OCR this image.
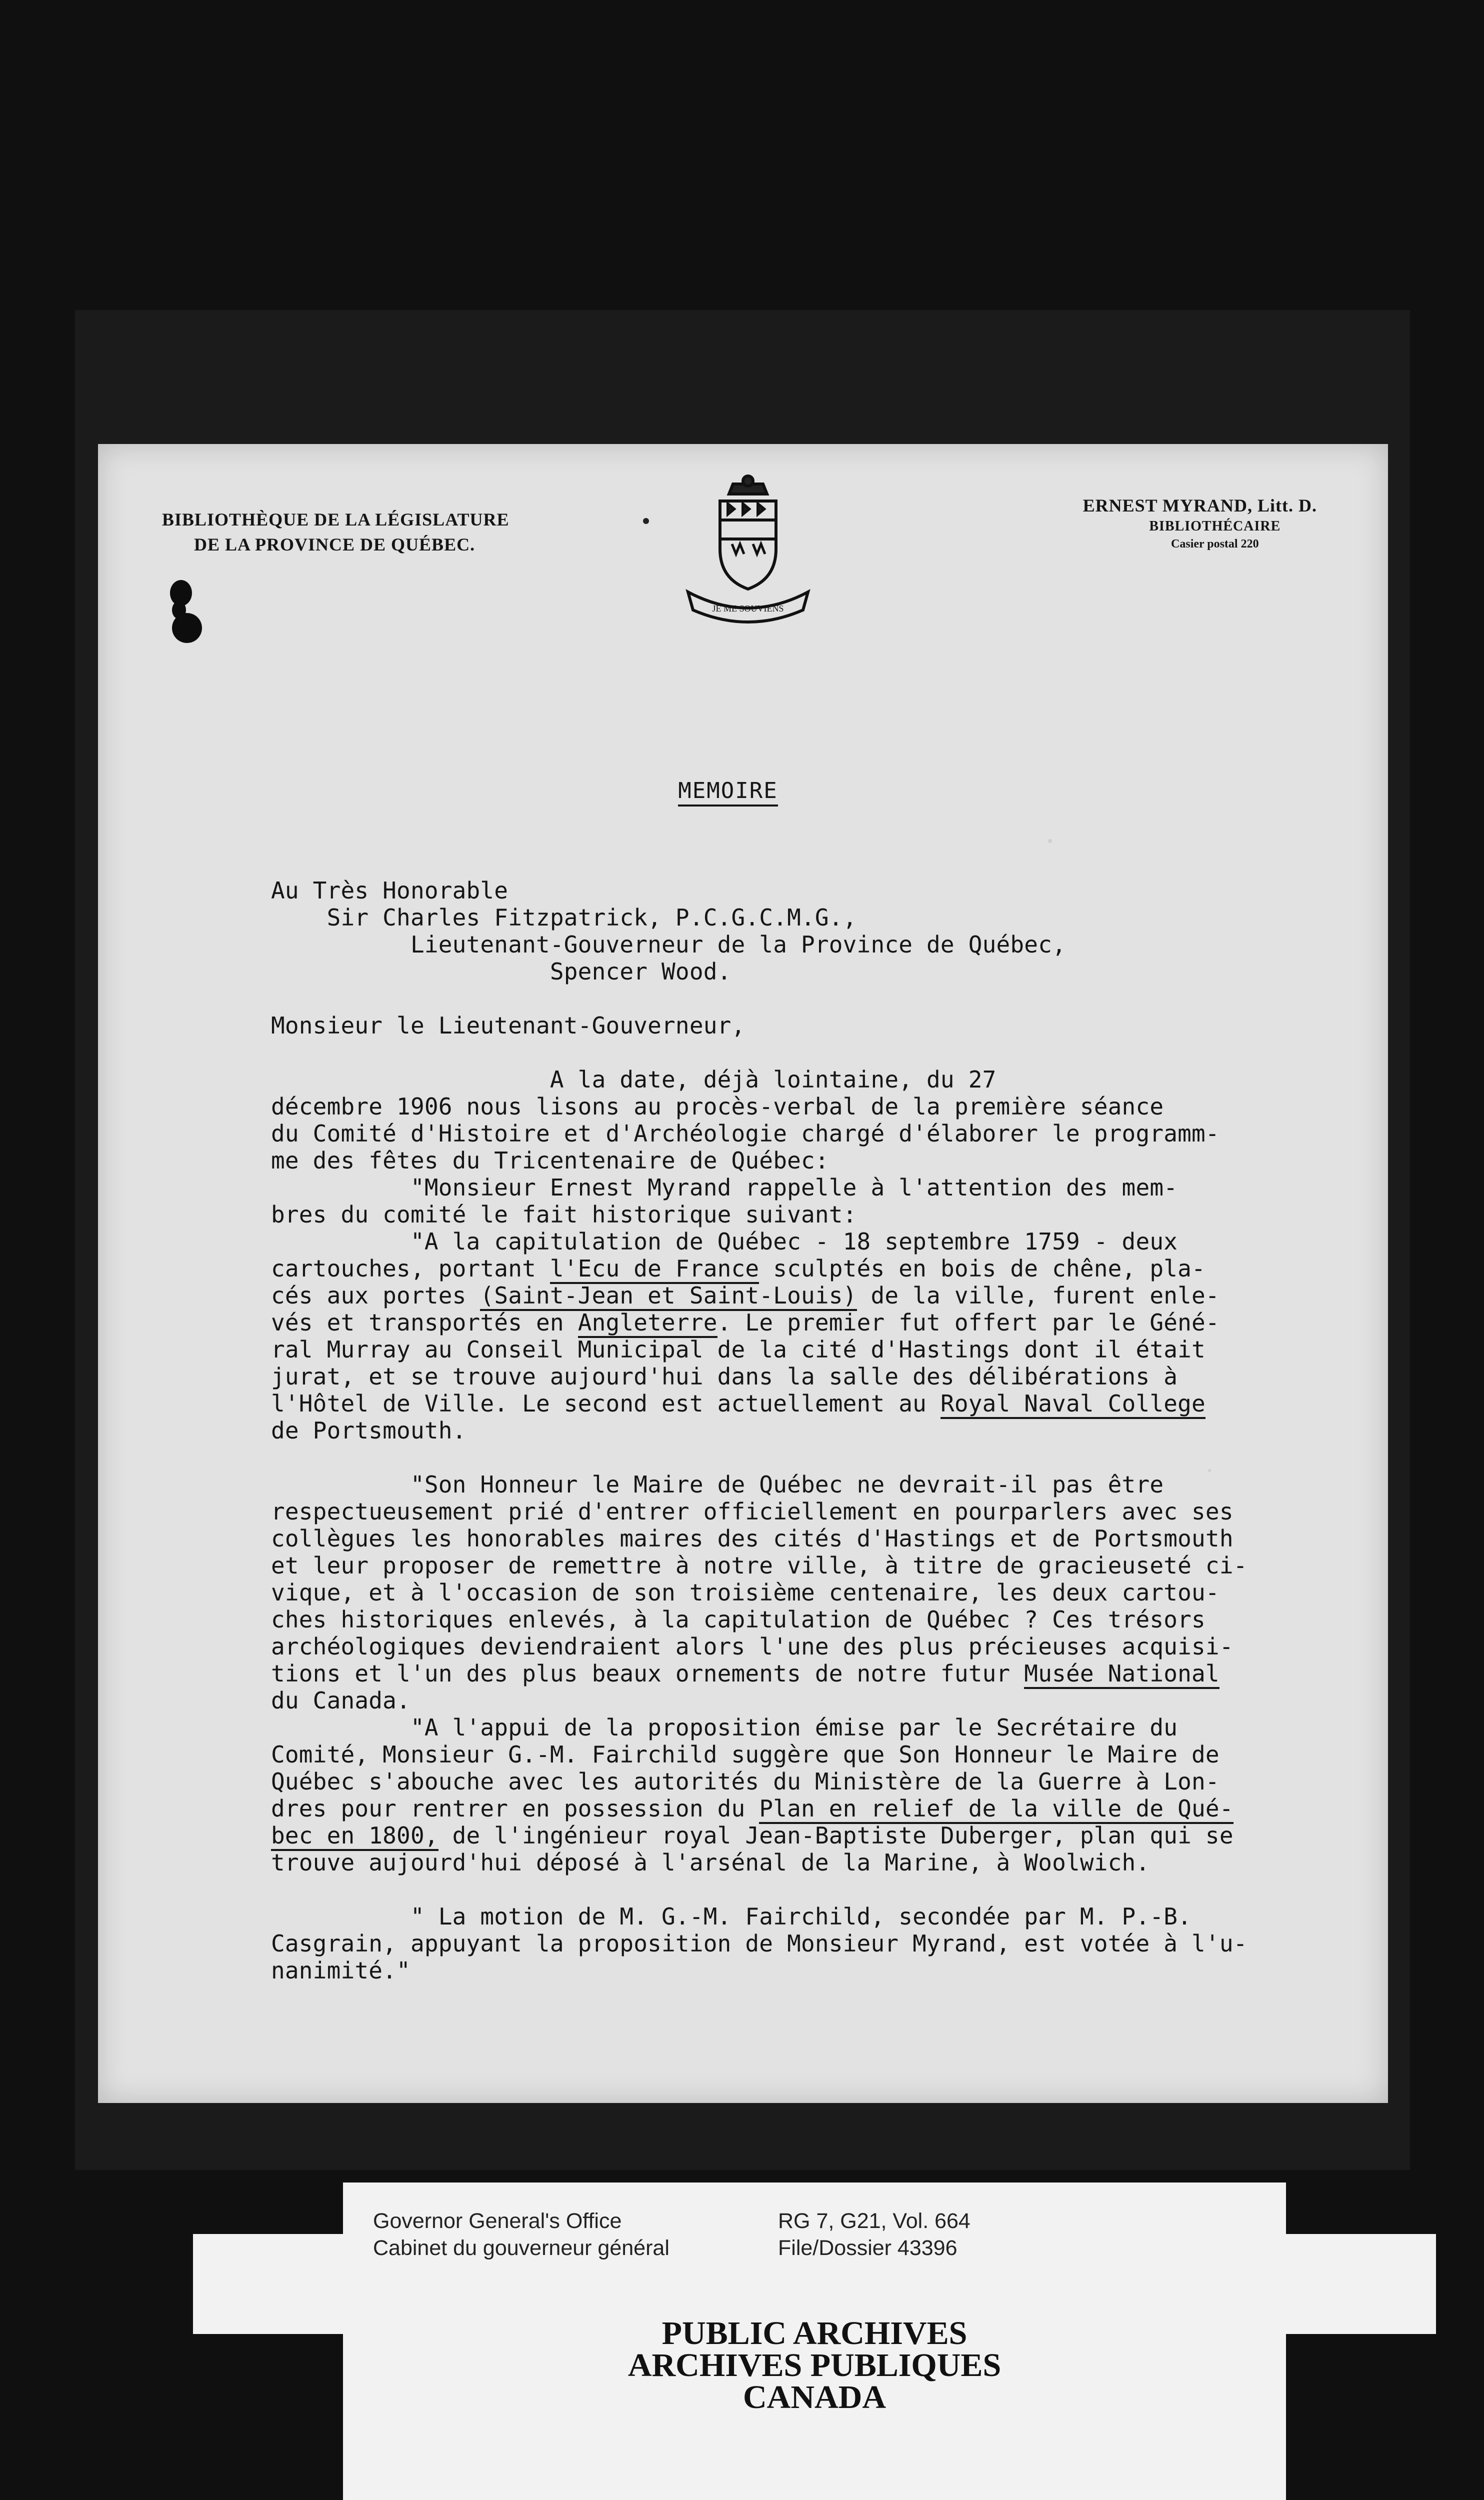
BIBLIOTHÈQUE DE LA LÉGISLATURE
DE LA PROVINCE DE QUÉBEC.
JE ME SOUVIENS
ERNEST MYRAND, Litt. D.
BIBLIOTHÉCAIRE
Casier postal 220
MEMOIRE
Au Très Honorable
Sir Charles Fitzpatrick, P.C.G.C.M.G.,
Lieutenant-Gouverneur de la Province de Québec,
Spencer Wood.
Monsieur le Lieutenant-Gouverneur,
A la date, déjà lointaine, du 27
décembre 1906 nous lisons au procès-verbal de la première séance
du Comité d'Histoire et d'Archéologie chargé d'élaborer le programm-
me des fêtes du Tricentenaire de Québec:
"Monsieur Ernest Myrand rappelle à l'attention des mem-
bres du comité le fait historique suivant:
"A la capitulation de Québec - 18 septembre 1759 - deux
cartouches, portant l'Ecu de France sculptés en bois de chêne, pla-
cés aux portes (Saint-Jean et Saint-Louis) de la ville, furent enle-
vés et transportés en Angleterre. Le premier fut offert par le Géné-
ral Murray au Conseil Municipal de la cité d'Hastings dont il était
jurat, et se trouve aujourd'hui dans la salle des délibérations à
l'Hôtel de Ville. Le second est actuellement au Royal Naval College
de Portsmouth.
"Son Honneur le Maire de Québec ne devrait-il pas être
respectueusement prié d'entrer officiellement en pourparlers avec ses
collègues les honorables maires des cités d'Hastings et de Portsmouth
et leur proposer de remettre à notre ville, à titre de gracieuseté ci-
vique, et à l'occasion de son troisième centenaire, les deux cartou-
ches historiques enlevés, à la capitulation de Québec ? Ces trésors
archéologiques deviendraient alors l'une des plus précieuses acquisi-
tions et l'un des plus beaux ornements de notre futur Musée National
du Canada.
"A l'appui de la proposition émise par le Secrétaire du
Comité, Monsieur G.-M. Fairchild suggère que Son Honneur le Maire de
Québec s'abouche avec les autorités du Ministère de la Guerre à Lon-
dres pour rentrer en possession du Plan en relief de la ville de Qué-
bec en 1800, de l'ingénieur royal Jean-Baptiste Duberger, plan qui se
trouve aujourd'hui déposé à l'arsénal de la Marine, à Woolwich.
" La motion de M. G.-M. Fairchild, secondée par M. P.-B.
Casgrain, appuyant la proposition de Monsieur Myrand, est votée à l'u-
nanimité."
Governor General's Office
Cabinet du gouverneur général
RG 7, G21, Vol. 664
File/Dossier 43396
PUBLIC ARCHIVES
ARCHIVES PUBLIQUES
CANADA
